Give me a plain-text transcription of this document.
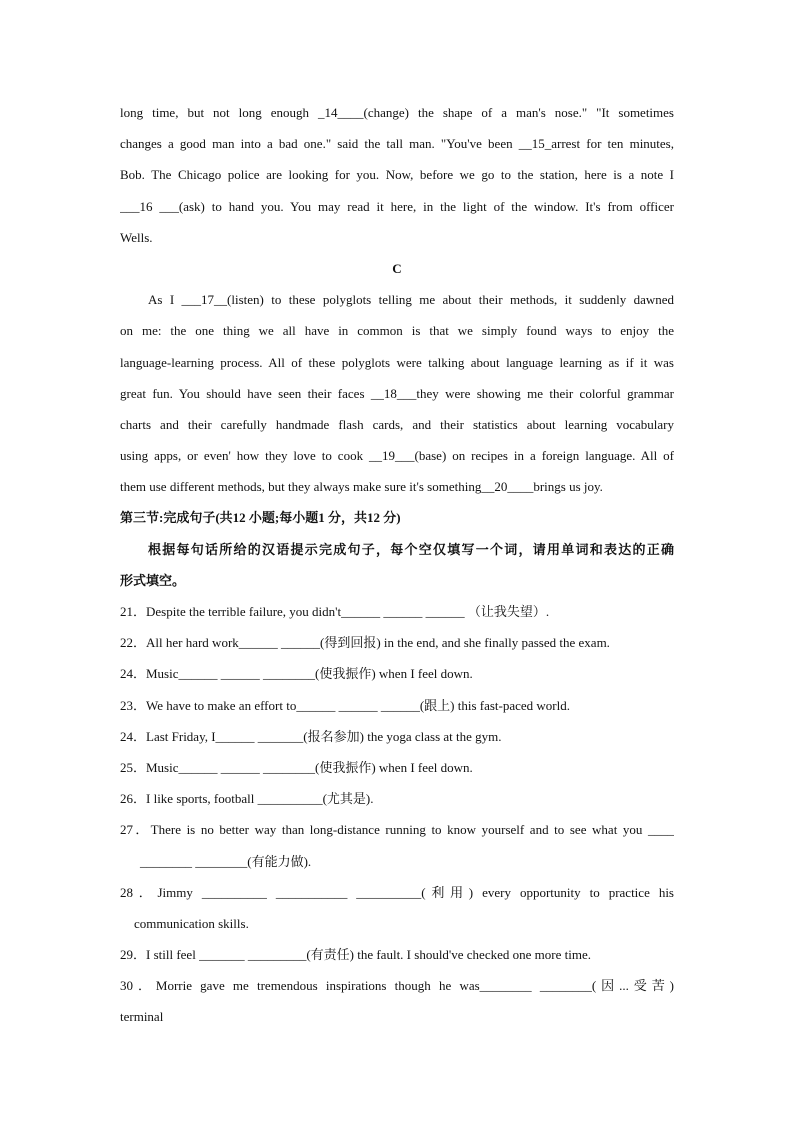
long time, but not long enough _14____(change) the shape of a man's nose." "It sometimes
changes a good man into a bad one." said the tall man. "You've been __15_arrest for ten minutes,
Bob. The Chicago police are looking for you. Now, before we go to the station, here is a note I
___16 ___(ask) to hand you. You may read it here, in the light of the window. It's from officer
Wells.
C
As I ___17__(listen) to these polyglots telling me about their methods, it suddenly dawned
on me: the one thing we all have in common is that we simply found ways to enjoy the
language-learning process. All of these polyglots were talking about language learning as if it was
great fun. You should have seen their faces __18___they were showing me their colorful grammar
charts and their carefully handmade flash cards, and their statistics about learning vocabulary
using apps, or even' how they love to cook __19___(base) on recipes in a foreign language. All of
them use different methods, but they always make sure it's something__20____brings us joy.
第三节:完成句子(共12 小题;每小题1 分，共12 分)
根据每句话所给的汉语提示完成句子，每个空仅填写一个词，请用单词和表达的正确
形式填空。
21．Despite the terrible failure, you didn't______ ______ ______ （让我失望）.
22．All her hard work______ ______(得到回报) in the end, and she finally passed the exam.
24．Music______ ______ ________(使我振作) when I feel down.
23．We have to make an effort to______ ______ ______(跟上) this fast-paced world.
24．Last Friday, I______ _______(报名参加) the yoga class at the gym.
25．Music______ ______ ________(使我振作) when I feel down.
26．I like sports, football __________(尤其是).
27．There is no better way than long-distance running to know yourself and to see what you ____
________ ________(有能力做).
28．Jimmy __________ ___________ __________(利用) every opportunity to practice his
communication skills.
29．I still feel _______ _________(有责任) the fault. I should've checked one more time.
30．Morrie gave me tremendous inspirations though he was________ ________(因...受苦)
terminal
